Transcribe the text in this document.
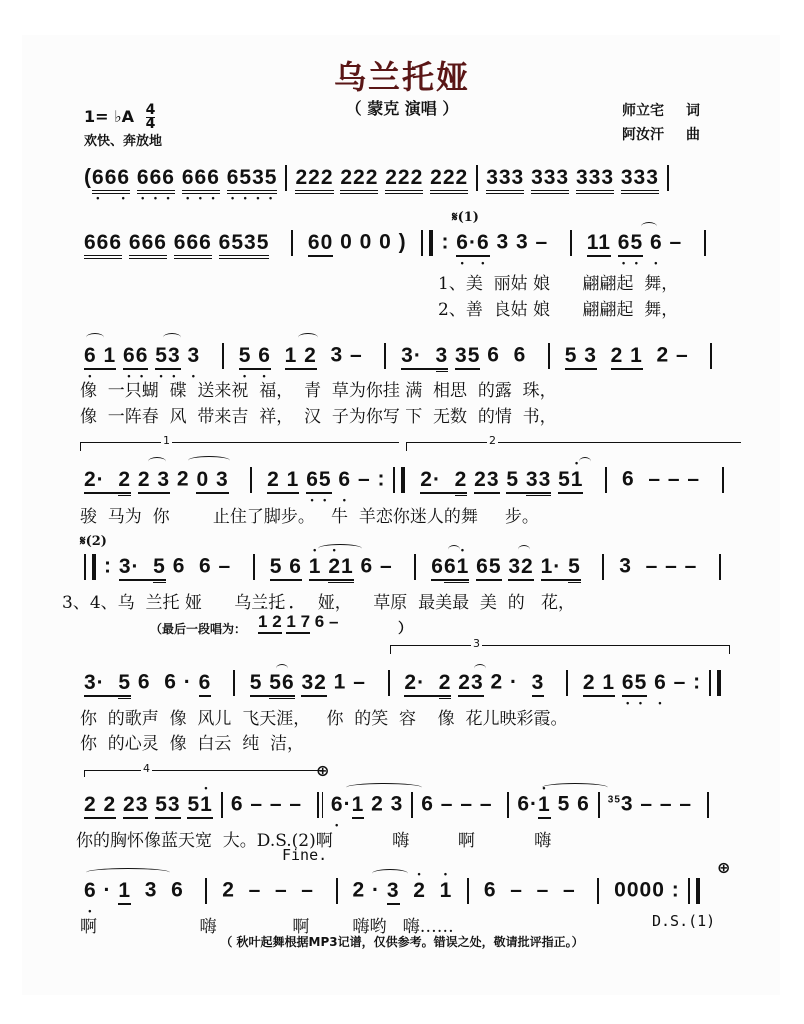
乌兰托娅
（ 蒙克 演唱 ）
1= ♭A $\frac{4}{4}$
欢快、奔放地
师立宅 词
阿汝汗 曲
(6 •66 • 6 •6 •6 • 6 •6 •6 • 6 •5 •3 •5 • 222 222 222 222 333 333 333 333
𝄋(1)
666 666 666 6535 60 0 0 0 ) : 6 •·6 • 3 3 –   11 6 •5 • 6 • –
1、美  丽姑 娘      翩翩起  舞，
2、善  良姑 娘      翩翩起  舞，
6 • 1 6 •6 • 5 •3 • 3 • 5 • 6 • 1 2  3 –   3·  3 35 6  6   5 3 2 1  2 –
像  一只蝴  碟  送来祝  福，  青  草为你挂 满  相思  的露  珠，
像  一阵春  风  带来吉  祥，  汉  子为你写 下  无数  的情  书，
1	2
2·  2 2 3 2 0 3 2 1 6 •5 • 6 • – : 2·  2 23 5 33 5• 1   6  – – –
骏  马为  你        止住了脚步。   牛  羊恋你迷人的舞     步。
𝄋(2)
: 3·  5 6  6 –   5 6 • 1 • 21 6 –   66• 1 65 32 1· 5   3  – – –
3、4、乌  兰托 娅      乌兰托      娅，    草原  最美最  美  的   花，
（最后一段唱为： • 1 • 2 • 1 7 6 –	）
3
3·  5 6  6 · 6 5 56 32 1 –   2·  2 23 2 ·  3 2 1 6 •5 • 6 • – :
你  的歌声  像  风儿  飞天涯，   你  的笑  容    像  花儿映彩霞。
你  的心灵  像  白云  纯  洁，
4	⊕
2 2 23 53 5• 1 6 – – – 6 •·1 2 3 6 – – – 6·• 1 5 6 $^{35}$3 – – –
你的胸怀像蓝天宽  大。D.S.(2)啊           嗨         啊           嗨
Fine.
⊕
6 • · 1  3  6   2  –  –  –   2 · 3 • 2 • 1  6  –  –  –   0000 :
啊                   嗨              啊        嗨哟   嗨……	D.S.(1)
（ 秋叶起舞根据MP3记谱，仅供参考。错误之处，敬请批评指正。）
